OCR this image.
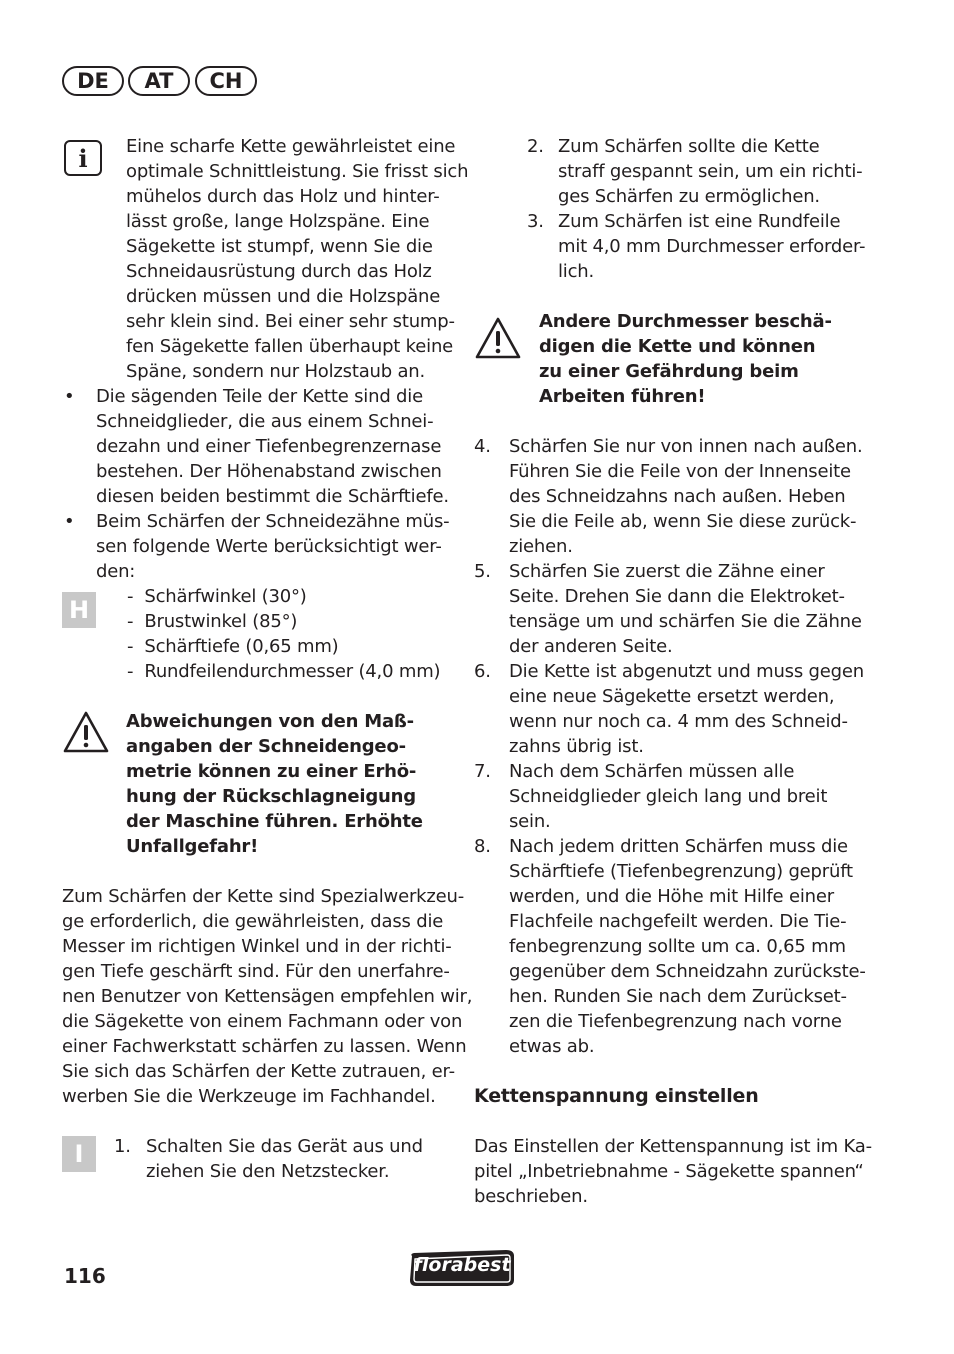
DE	AT	CH
i	Eine scharfe Kette gewährleistet eine
optimale Schnittleistung. Sie frisst sich
mühelos durch das Holz und hinter-
lässt große, lange Holzspäne. Eine
Sägekette ist stumpf, wenn Sie die
Schneidausrüstung durch das Holz
drücken müssen und die Holzspäne
sehr klein sind. Bei einer sehr stump-
fen Sägekette fallen überhaupt keine
Späne, sondern nur Holzstaub an.
• Die sägenden Teile der Kette sind die
Schneidglieder, die aus einem Schnei-
dezahn und einer Tiefenbegrenzernase
bestehen. Der Höhenabstand zwischen
diesen beiden bestimmt die Schärftiefe.
• Beim Schärfen der Schneidezähne müs-
sen folgende Werte berücksichtigt wer-
den:
H	-  Schärfwinkel (30°)
-  Brustwinkel (85°)
-  Schärftiefe (0,65 mm)
-  Rundfeilendurchmesser (4,0 mm)
Abweichungen von den Maß-
angaben der Schneidengeo-
metrie können zu einer Erhö-
hung der Rückschlagneigung
der Maschine führen. Erhöhte
Unfallgefahr!
Zum Schärfen der Kette sind Spezialwerkzeu-
ge erforderlich, die gewährleisten, dass die
Messer im richtigen Winkel und in der richti-
gen Tiefe geschärft sind. Für den unerfahre-
nen Benutzer von Kettensägen empfehlen wir,
die Sägekette von einem Fachmann oder von
einer Fachwerkstatt schärfen zu lassen. Wenn
Sie sich das Schärfen der Kette zutrauen, er-
werben Sie die Werkzeuge im Fachhandel.
I	1. Schalten Sie das Gerät aus und
ziehen Sie den Netzstecker.
2. Zum Schärfen sollte die Kette
straff gespannt sein, um ein richti-
ges Schärfen zu ermöglichen.
3. Zum Schärfen ist eine Rundfeile
mit 4,0 mm Durchmesser erforder-
lich.
Andere Durchmesser beschä-
digen die Kette und können
zu einer Gefährdung beim
Arbeiten führen!
4. Schärfen Sie nur von innen nach außen.
Führen Sie die Feile von der Innenseite
des Schneidzahns nach außen. Heben
Sie die Feile ab, wenn Sie diese zurück-
ziehen.
5. Schärfen Sie zuerst die Zähne einer
Seite. Drehen Sie dann die Elektroket-
tensäge um und schärfen Sie die Zähne
der anderen Seite.
6. Die Kette ist abgenutzt und muss gegen
eine neue Sägekette ersetzt werden,
wenn nur noch ca. 4 mm des Schneid-
zahns übrig ist.
7. Nach dem Schärfen müssen alle
Schneidglieder gleich lang und breit
sein.
8. Nach jedem dritten Schärfen muss die
Schärftiefe (Tiefenbegrenzung) geprüft
werden, und die Höhe mit Hilfe einer
Flachfeile nachgefeilt werden. Die Tie-
fenbegrenzung sollte um ca. 0,65 mm
gegenüber dem Schneidzahn zurückste-
hen. Runden Sie nach dem Zurückset-
zen die Tiefenbegrenzung nach vorne
etwas ab.
Kettenspannung einstellen
Das Einstellen der Kettenspannung ist im Ka-
pitel „Inbetriebnahme - Sägekette spannen“
beschrieben.
116	florabest
